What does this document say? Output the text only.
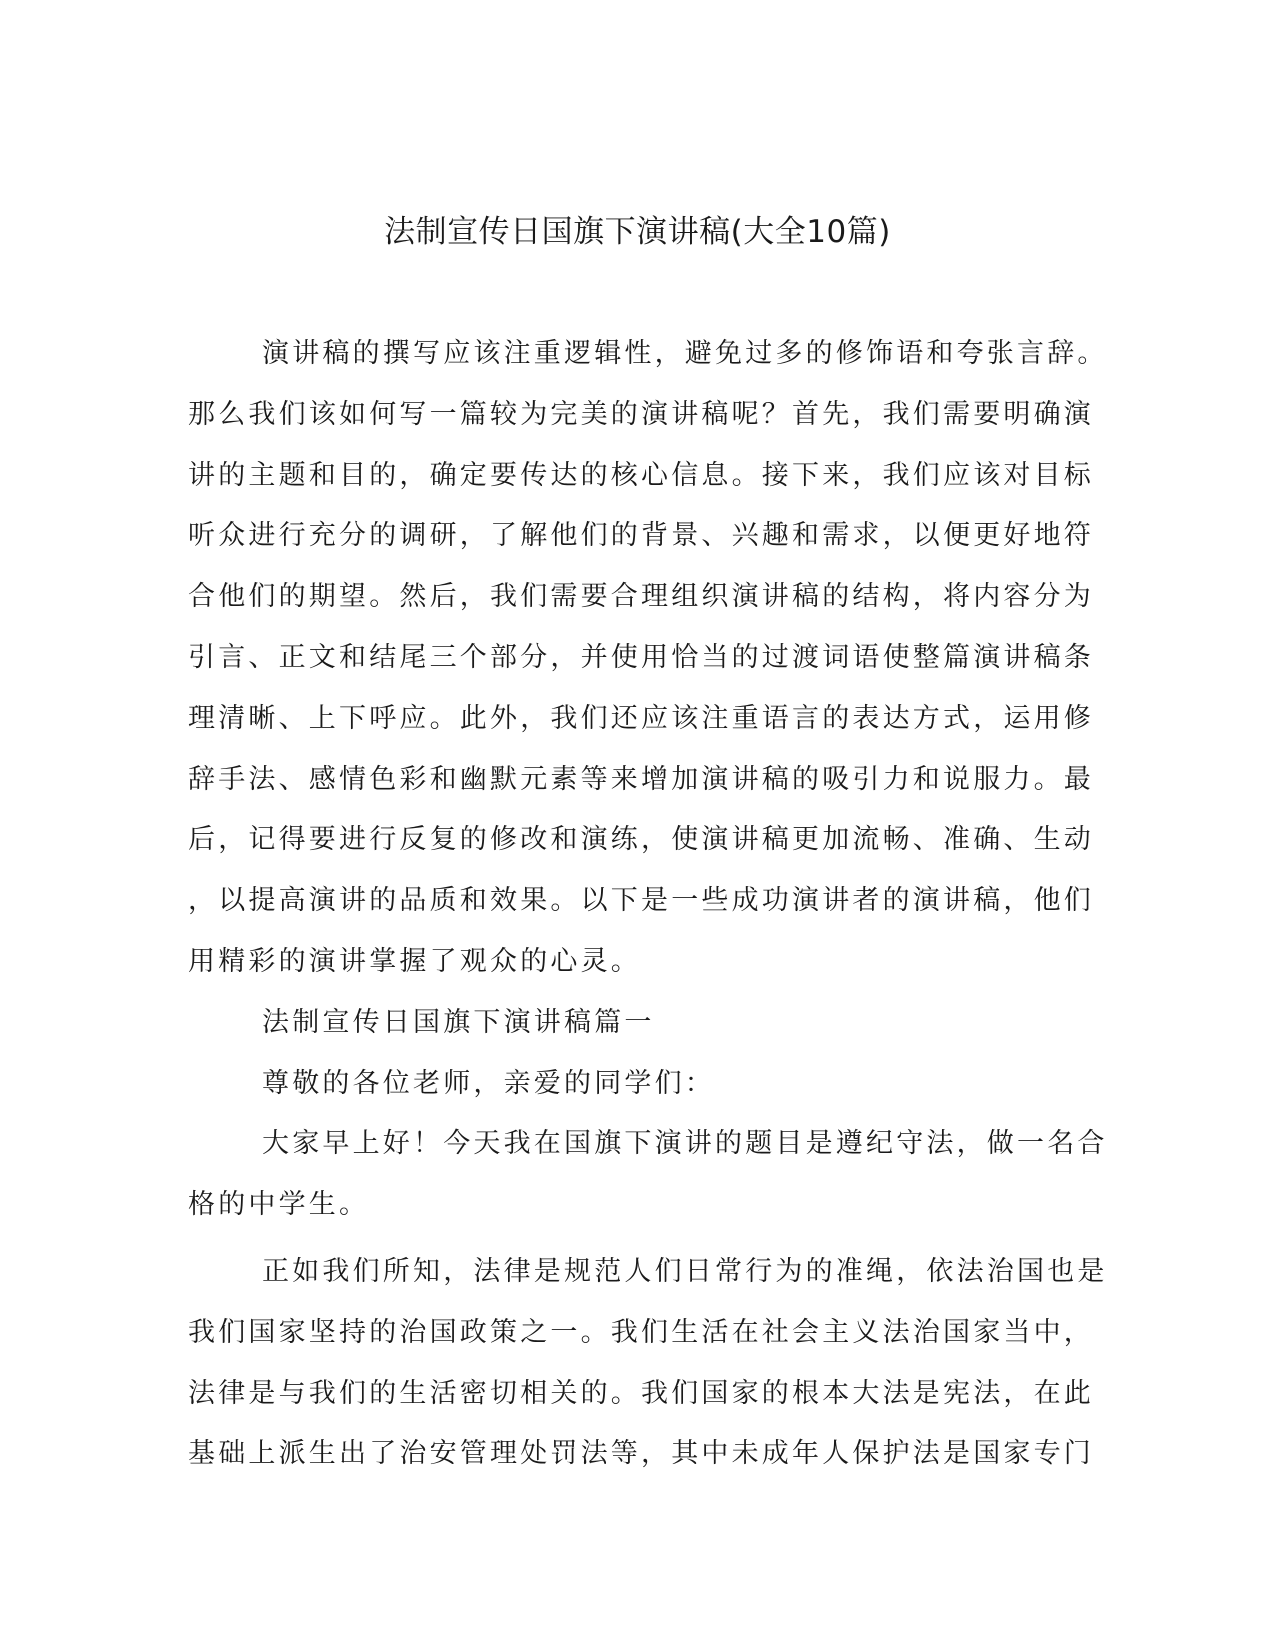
法制宣传日国旗下演讲稿(大全10篇)
演讲稿的撰写应该注重逻辑性，避免过多的修饰语和夸张言辞。
那么我们该如何写一篇较为完美的演讲稿呢？首先，我们需要明确演
讲的主题和目的，确定要传达的核心信息。接下来，我们应该对目标
听众进行充分的调研，了解他们的背景、兴趣和需求，以便更好地符
合他们的期望。然后，我们需要合理组织演讲稿的结构，将内容分为
引言、正文和结尾三个部分，并使用恰当的过渡词语使整篇演讲稿条
理清晰、上下呼应。此外，我们还应该注重语言的表达方式，运用修
辞手法、感情色彩和幽默元素等来增加演讲稿的吸引力和说服力。最
后，记得要进行反复的修改和演练，使演讲稿更加流畅、准确、生动
，以提高演讲的品质和效果。以下是一些成功演讲者的演讲稿，他们
用精彩的演讲掌握了观众的心灵。
法制宣传日国旗下演讲稿篇一
尊敬的各位老师，亲爱的同学们：
大家早上好！今天我在国旗下演讲的题目是遵纪守法，做一名合
格的中学生。
正如我们所知，法律是规范人们日常行为的准绳，依法治国也是
我们国家坚持的治国政策之一。我们生活在社会主义法治国家当中，
法律是与我们的生活密切相关的。我们国家的根本大法是宪法，在此
基础上派生出了治安管理处罚法等，其中未成年人保护法是国家专门
